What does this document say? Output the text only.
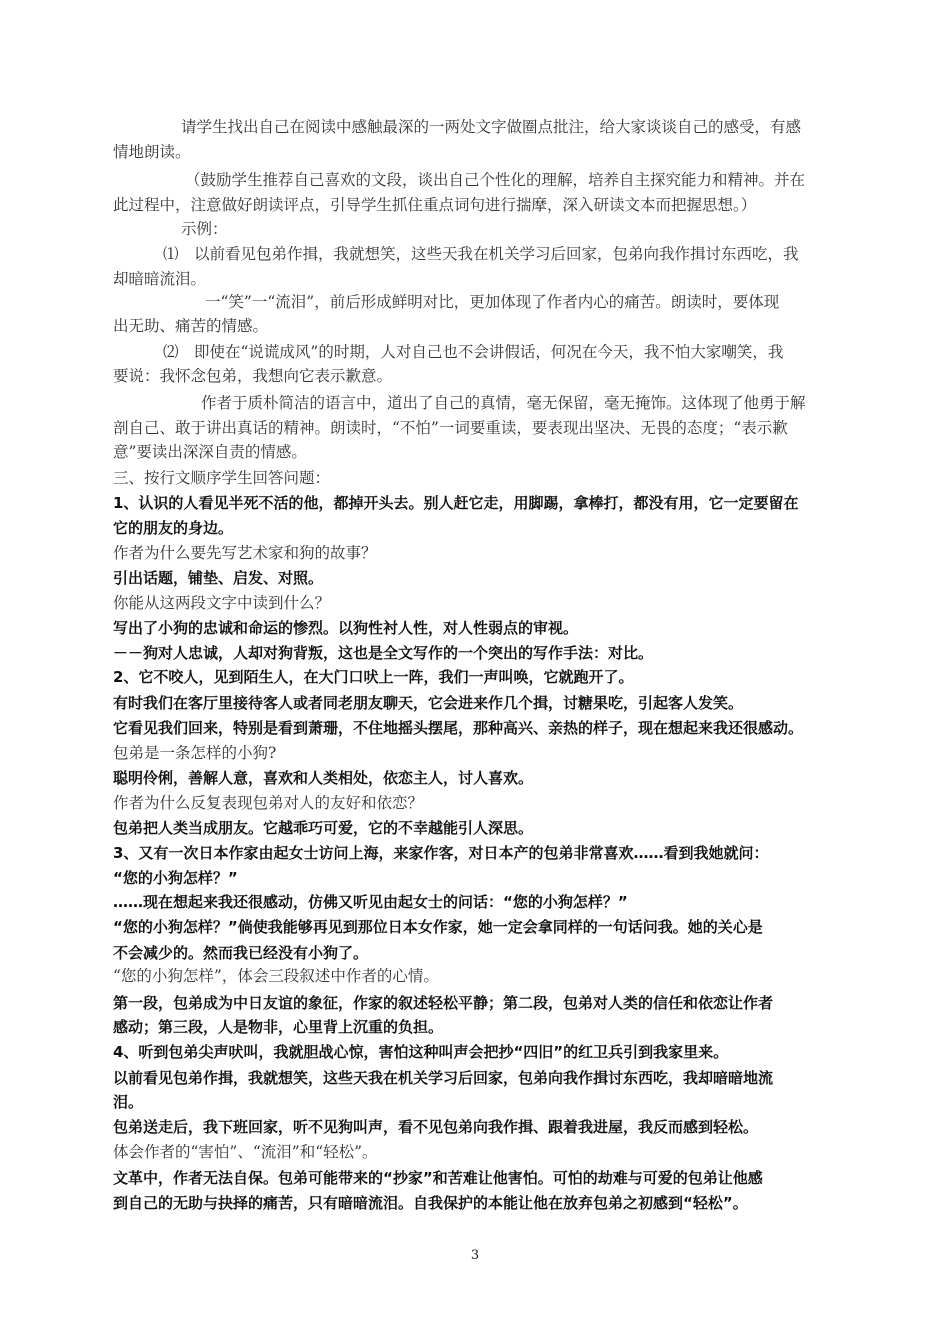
请学生找出自己在阅读中感触最深的一两处文字做圈点批注，给大家谈谈自己的感受，有感
情地朗读。
（鼓励学生推荐自己喜欢的文段，谈出自己个性化的理解，培养自主探究能力和精神。并在
此过程中，注意做好朗读评点，引导学生抓住重点词句进行揣摩，深入研读文本而把握思想。）
示例：
⑴　以前看见包弟作揖，我就想笑，这些天我在机关学习后回家，包弟向我作揖讨东西吃，我
却暗暗流泪。
一“笑”一“流泪”，前后形成鲜明对比，更加体现了作者内心的痛苦。朗读时，要体现
出无助、痛苦的情感。
⑵　即使在“说谎成风”的时期，人对自己也不会讲假话，何况在今天，我不怕大家嘲笑，我
要说：我怀念包弟，我想向它表示歉意。
作者于质朴简洁的语言中，道出了自己的真情，毫无保留，毫无掩饰。这体现了他勇于解
剖自己、敢于讲出真话的精神。朗读时，“不怕”一词要重读，要表现出坚决、无畏的态度；“表示歉
意”要读出深深自责的情感。
三、按行文顺序学生回答问题：
1、认识的人看见半死不活的他，都掉开头去。别人赶它走，用脚踢，拿棒打，都没有用，它一定要留在
它的朋友的身边。
作者为什么要先写艺术家和狗的故事？
引出话题，铺垫、启发、对照。
你能从这两段文字中读到什么？
写出了小狗的忠诚和命运的惨烈。以狗性衬人性，对人性弱点的审视。
－－狗对人忠诚，人却对狗背叛，这也是全文写作的一个突出的写作手法：对比。
2、它不咬人，见到陌生人，在大门口吠上一阵，我们一声叫唤，它就跑开了。
有时我们在客厅里接待客人或者同老朋友聊天，它会进来作几个揖，讨糖果吃，引起客人发笑。
它看见我们回来，特别是看到萧珊，不住地摇头摆尾，那种高兴、亲热的样子，现在想起来我还很感动。
包弟是一条怎样的小狗?
聪明伶俐，善解人意，喜欢和人类相处，依恋主人，讨人喜欢。
作者为什么反复表现包弟对人的友好和依恋？
包弟把人类当成朋友。它越乖巧可爱，它的不幸越能引人深思。
3、又有一次日本作家由起女士访问上海，来家作客，对日本产的包弟非常喜欢……看到我她就问：
“您的小狗怎样？”
……现在想起来我还很感动，仿佛又听见由起女士的问话：“您的小狗怎样？”
“您的小狗怎样？”倘使我能够再见到那位日本女作家，她一定会拿同样的一句话问我。她的关心是
不会减少的。然而我已经没有小狗了。
“您的小狗怎样”，体会三段叙述中作者的心情。
第一段，包弟成为中日友谊的象征，作家的叙述轻松平静；第二段，包弟对人类的信任和依恋让作者
感动；第三段，人是物非，心里背上沉重的负担。
4、听到包弟尖声吠叫，我就胆战心惊，害怕这种叫声会把抄“四旧”的红卫兵引到我家里来。
以前看见包弟作揖，我就想笑，这些天我在机关学习后回家，包弟向我作揖讨东西吃，我却暗暗地流
泪。
包弟送走后，我下班回家，听不见狗叫声，看不见包弟向我作揖、跟着我进屋，我反而感到轻松。
体会作者的“害怕”、“流泪”和“轻松”。
文革中，作者无法自保。包弟可能带来的“抄家”和苦难让他害怕。可怕的劫难与可爱的包弟让他感
到自己的无助与抉择的痛苦，只有暗暗流泪。自我保护的本能让他在放弃包弟之初感到“轻松”。
3
